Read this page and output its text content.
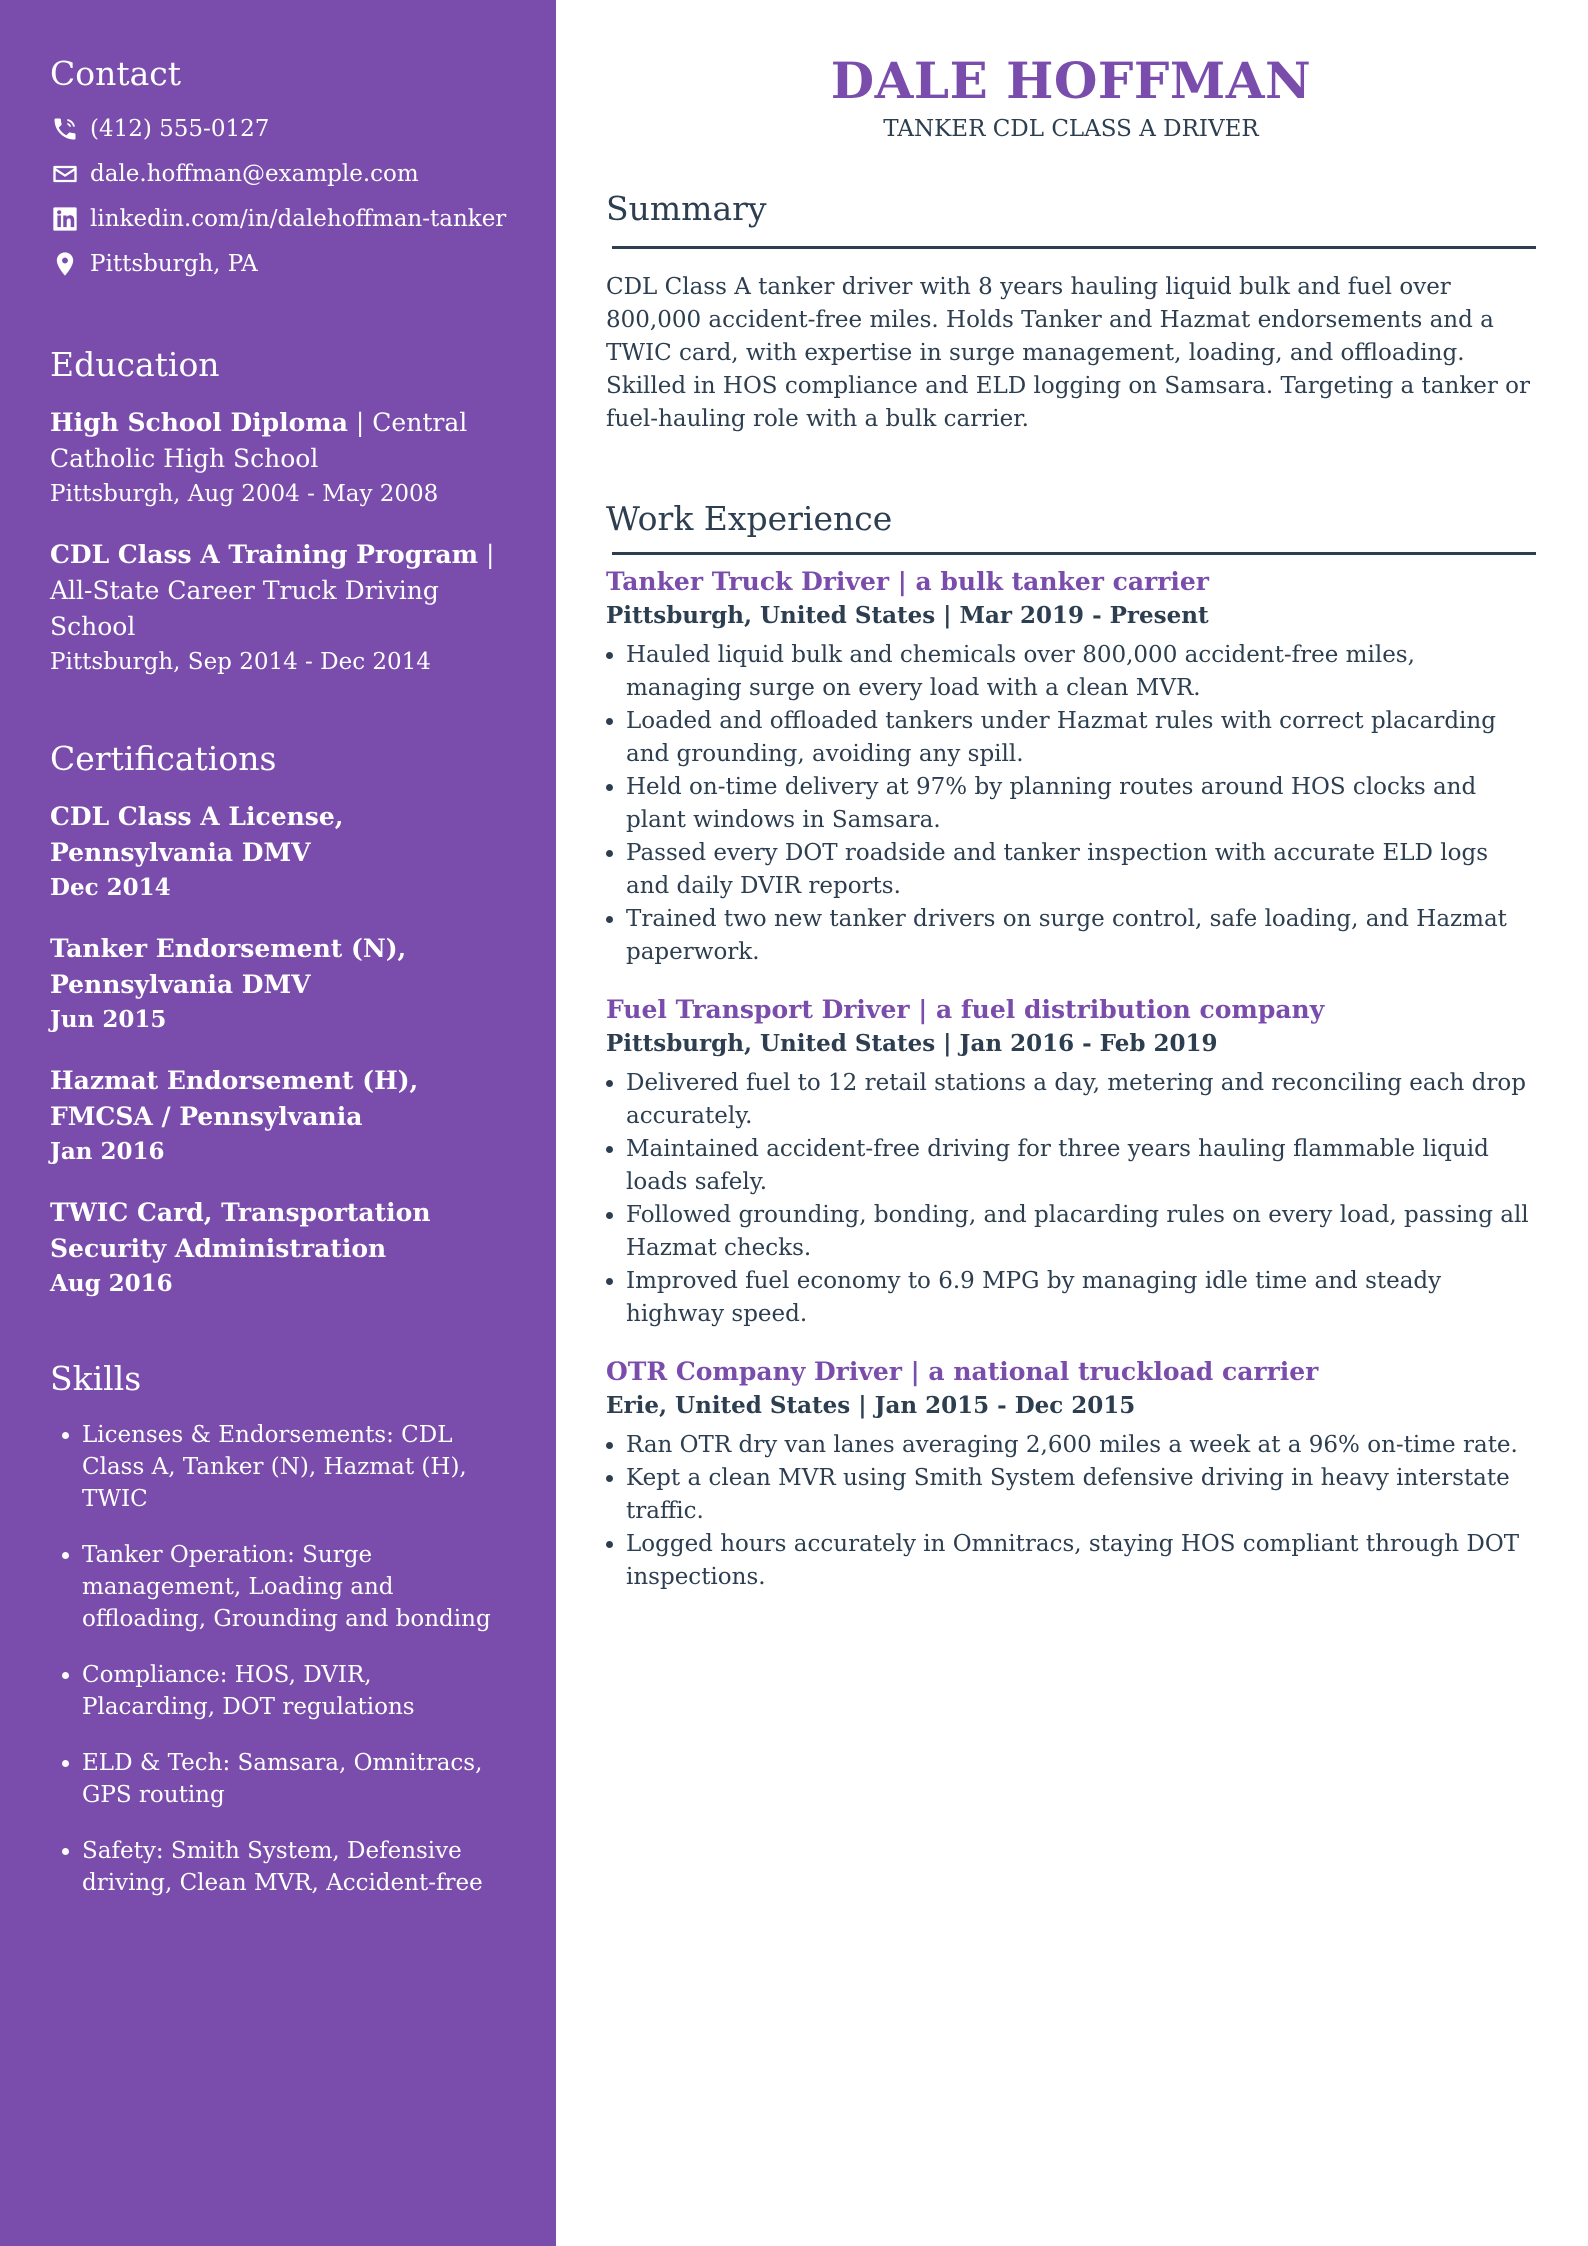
Contact
(412) 555-0127
dale.hoffman@example.com
linkedin.com/in/dalehoffman-tanker
Pittsburgh, PA
Education
High School Diploma | Central Catholic High School
Pittsburgh, Aug 2004 - May 2008
CDL Class A Training Program | All-State Career Truck Driving School
Pittsburgh, Sep 2014 - Dec 2014
Certifications
CDL Class A License, Pennsylvania DMV
Dec 2014
Tanker Endorsement (N), Pennsylvania DMV
Jun 2015
Hazmat Endorsement (H), FMCSA / Pennsylvania
Jan 2016
TWIC Card, Transportation Security Administration
Aug 2016
Skills
• Licenses & Endorsements: CDL Class A, Tanker (N), Hazmat (H), TWIC
• Tanker Operation: Surge management, Loading and offloading, Grounding and bonding
• Compliance: HOS, DVIR, Placarding, DOT regulations
• ELD & Tech: Samsara, Omnitracs, GPS routing
• Safety: Smith System, Defensive driving, Clean MVR, Accident-free
DALE HOFFMAN
TANKER CDL CLASS A DRIVER
Summary

CDL Class A tanker driver with 8 years hauling liquid bulk and fuel over 800,000 accident-free miles. Holds Tanker and Hazmat endorsements and a TWIC card, with expertise in surge management, loading, and offloading. Skilled in HOS compliance and ELD logging on Samsara. Targeting a tanker or fuel-hauling role with a bulk carrier.

Work Experience
Tanker Truck Driver | a bulk tanker carrier
Pittsburgh, United States | Mar 2019 - Present
• Hauled liquid bulk and chemicals over 800,000 accident-free miles, managing surge on every load with a clean MVR.
• Loaded and offloaded tankers under Hazmat rules with correct placarding and grounding, avoiding any spill.
• Held on-time delivery at 97% by planning routes around HOS clocks and plant windows in Samsara.
• Passed every DOT roadside and tanker inspection with accurate ELD logs and daily DVIR reports.
• Trained two new tanker drivers on surge control, safe loading, and Hazmat paperwork.
Fuel Transport Driver | a fuel distribution company
Pittsburgh, United States | Jan 2016 - Feb 2019
• Delivered fuel to 12 retail stations a day, metering and reconciling each drop accurately.
• Maintained accident-free driving for three years hauling flammable liquid loads safely.
• Followed grounding, bonding, and placarding rules on every load, passing all Hazmat checks.
• Improved fuel economy to 6.9 MPG by managing idle time and steady highway speed.
OTR Company Driver | a national truckload carrier
Erie, United States | Jan 2015 - Dec 2015
• Ran OTR dry van lanes averaging 2,600 miles a week at a 96% on-time rate.
• Kept a clean MVR using Smith System defensive driving in heavy interstate traffic.
• Logged hours accurately in Omnitracs, staying HOS compliant through DOT inspections.
